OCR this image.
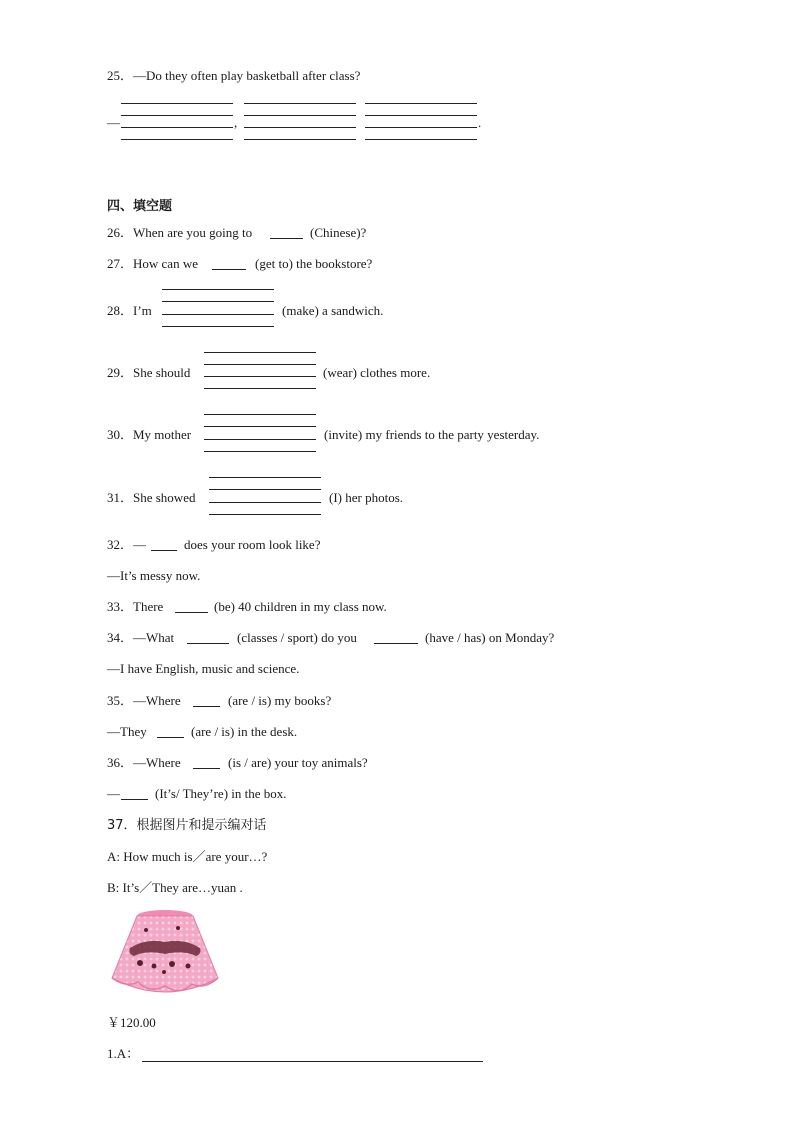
25．—Do they often play basketball after class?
—	,	.
四、填空题
26．When are you going to	(Chinese)?
27．How can we	(get to) the bookstore?
28．I’m	(make) a sandwich.
29．She should	(wear) clothes more.
30．My mother	(invite) my friends to the party yesterday.
31．She showed	(I) her photos.
32．—	does your room look like?
—It’s messy now.
33．There	(be) 40 children in my class now.
34．—What	(classes / sport) do you	(have / has) on Monday?
—I have English, music and science.
35．—Where	(are / is) my books?
—They	(are / is) in the desk.
36．—Where	(is / are) your toy animals?
—	(It’s/ They’re) in the box.
37．根据图片和提示编对话
A: How much is／are your…?
B: It’s／They are…yuan .
￥120.00
1.A：
